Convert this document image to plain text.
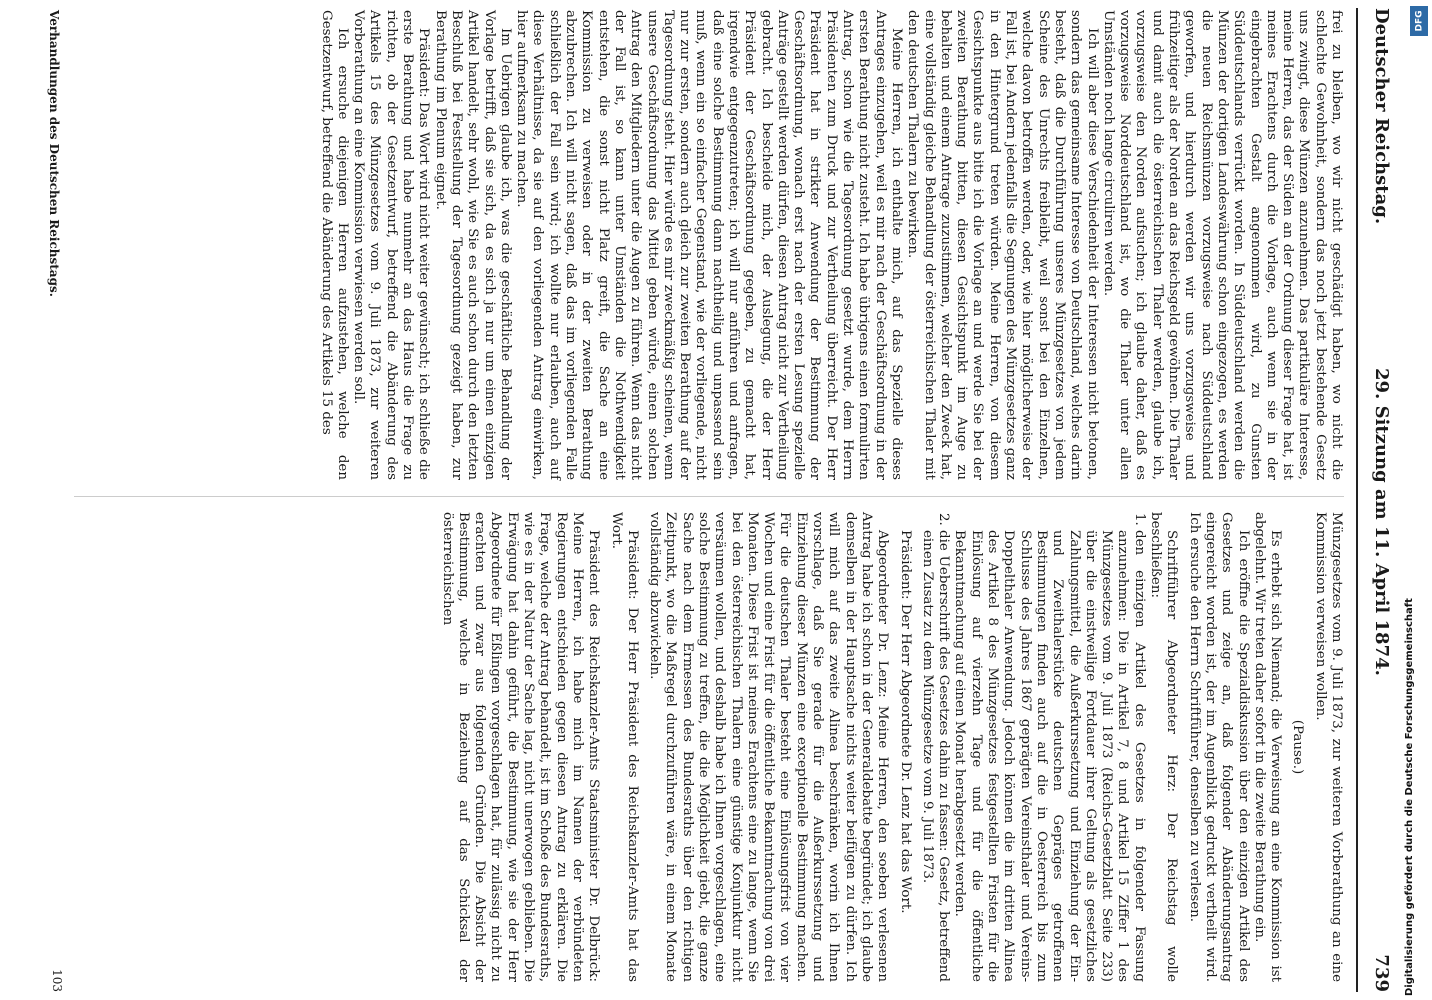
Deutscher Reichstag.
29. Sitzung am 11. April 1874.
739

frei zu bleiben, wo wir nicht geschädigt haben, wo nicht die schlechte Gewohnheit, sondern das noch jetzt bestehende Gesetz uns zwingt, diese Münzen anzunehmen. Das partikuläre Interesse, meine Herren, das der Süden an der Ordnung dieser Frage hat, ist meines Erachtens durch die Vorlage, auch wenn sie in der eingebrachten Gestalt angenommen wird, zu Gunsten Süddeutschlands verrückt worden. In Süddeutschland werden die Münzen der dortigen Landeswährung schon eingezogen, es werden die neuen Reichsmünzen vorzugsweise nach Süddeutschland geworfen, und hierdurch werden wir uns vorzugsweise und frühzeitiger als der Norden an das Reichsgeld gewöhnen. Die Thaler und damit auch die österreichischen Thaler werden, glaube ich, vorzugsweise den Norden aufsuchen; ich glaube daher, daß es vorzugsweise Norddeutschland ist, wo die Thaler unter allen Umständen noch lange circuliren werden.

Ich will aber diese Verschiedenheit der Interessen nicht betonen, sondern das gemeinsame Interesse von Deutschland, welches darin besteht, daß die Durchführung unseres Münzgesetzes von jedem Scheine des Unrechts freibleibt, weil sonst bei den Einzelnen, welche davon betroffen werden, oder, wie hier möglicherweise der Fall ist, bei Andern jedenfalls die Segnungen des Münzgesetzes ganz in den Hintergrund treten würden. Meine Herren, von diesem Gesichtspunkte aus bitte ich die Vorlage an und werde Sie bei der zweiten Berathung bitten, diesen Gesichtspunkt im Auge zu behalten und einem Antrage zuzustimmen, welcher den Zweck hat, eine vollständig gleiche Behandlung der österreichischen Thaler mit den deutschen Thalern zu bewirken.

Meine Herren, ich enthalte mich, auf das Spezielle dieses Antrages einzugehen, weil es mir nach der Geschäftsordnung in der ersten Berathung nicht zusteht. Ich habe übrigens einen formulirten Antrag, schon wie die Tagesordnung gesetzt wurde, dem Herrn Präsidenten zum Druck und zur Vertheilung überreicht. Der Herr Präsident hat in strikter Anwendung der Bestimmung der Geschäftsordnung, wonach erst nach der ersten Lesung spezielle Anträge gestellt werden dürfen, diesen Antrag nicht zur Vertheilung gebracht. Ich bescheide mich, der Auslegung, die der Herr Präsident der Geschäftsordnung gegeben, zu gemacht hat, irgendwie entgegenzutreten; ich will nur anführen und anfragen, daß eine solche Bestimmung dann nachtheilig und unpassend sein muß, wenn ein so einfacher Gegenstand, wie der vorliegende, nicht nur zur ersten, sondern auch gleich zur zweiten Berathung auf der Tagesordnung steht. Hier würde es mir zweckmäßig scheinen, wenn unsere Geschäftsordnung das Mittel geben würde, einen solchen Antrag den Mitgliedern unter die Augen zu führen. Wenn das nicht der Fall ist, so kann unter Umständen die Nothwendigkeit entstehen, die sonst nicht Platz greift, die Sache an eine Kommission zu verweisen oder in der zweiten Berathung abzubrechen. Ich will nicht sagen, daß das im vorliegenden Falle schließlich der Fall sein wird; ich wollte nur erlauben, auch auf diese Verhältnisse, da sie auf den vorliegenden Antrag einwirken, hier aufmerksam zu machen.

Im Uebrigen glaube ich, was die geschäftliche Behandlung der Vorlage betrifft, daß sie sich, da es sich ja nur um einen einzigen Artikel handelt, sehr wohl, wie Sie es auch schon durch den letzten Beschluß bei Feststellung der Tagesordnung gezeigt haben, zur Berathung im Plenum eignet.

Präsident: Das Wort wird nicht weiter gewünscht; ich schließe die erste Berathung und habe nunmehr an das Haus die Frage zu richten, ob der Gesetzentwurf, betreffend die Abänderung des Artikels 15 des Münzgesetzes vom 9. Juli 1873, zur weiteren Vorberathung an eine Kommission verwiesen werden soll.

Ich ersuche diejenigen Herren aufzustehen, welche den Gesetzentwurf, betreffend die Abänderung des Artikels 15 des

Münzgesetzes vom 9. Juli 1873, zur weiteren Vorberathung an eine Kommission verweisen wollen.

(Pause.)

Es erhebt sich Niemand; die Verweisung an eine Kommission ist abgelehnt. Wir treten daher sofort in die zweite Berathung ein.

Ich eröffne die Spezialdiskussion über den einzigen Artikel des Gesetzes und zeige an, daß folgender Abänderungsantrag eingereicht worden ist, der im Augenblick gedruckt vertheilt wird. Ich ersuche den Herrn Schriftführer, denselben zu verlesen.

Schriftführer Abgeordneter Herz: Der Reichstag wolle beschließen:

1. den einzigen Artikel des Gesetzes in folgender Fassung anzunehmen: Die in Artikel 7, 8 und Artikel 15 Ziffer 1 des Münzgesetzes vom 9. Juli 1873 (Reichs-Gesetzblatt Seite 233) über die einstweilige Fortdauer ihrer Geltung als gesetzliches Zahlungsmittel, die Außerkurssetzung und Einziehung der Ein- und Zweithalerstücke deutschen Gepräges getroffenen Bestimmungen finden auch auf die in Oesterreich bis zum Schlusse des Jahres 1867 geprägten Vereinsthaler und Vereins-Doppelthaler Anwendung. Jedoch können die im dritten Alinea des Artikel 8 des Münzgesetzes festgestellten Fristen für die Einlösung auf vierzehn Tage und für die öffentliche Bekanntmachung auf einen Monat herabgesetzt werden.
2. die Ueberschrift des Gesetzes dahin zu fassen: Gesetz, betreffend einen Zusatz zu dem Münzgesetze vom 9. Juli 1873.

Präsident: Der Herr Abgeordnete Dr. Lenz hat das Wort.

Abgeordneter Dr. Lenz: Meine Herren, den soeben verlesenen Antrag habe ich schon in der Generaldebatte begründet; ich glaube demselben in der Hauptsache nichts weiter beifügen zu dürfen. Ich will mich auf das zweite Alinea beschränken, worin ich Ihnen vorschlage, daß Sie gerade für die Außerkurssetzung und Einziehung dieser Münzen eine exceptionelle Bestimmung machen. Für die deutschen Thaler besteht eine Einlösungsfrist von vier Wochen und eine Frist für die öffentliche Bekanntmachung von drei Monaten. Diese Frist ist meines Erachtens eine zu lange, wenn Sie bei den österreichischen Thalern eine günstige Konjunktur nicht versäumen wollen, und deshalb habe ich Ihnen vorgeschlagen, eine solche Bestimmung zu treffen, die die Möglichkeit giebt, die ganze Sache nach dem Ermessen des Bundesraths über den richtigen Zeitpunkt, wo die Maßregel durchzuführen wäre, in einem Monate vollständig abzuwickeln.

Präsident: Der Herr Präsident des Reichskanzler-Amts hat das Wort.

Präsident des Reichskanzler-Amts Staatsminister Dr. Delbrück: Meine Herren, ich habe mich im Namen der verbündeten Regierungen entschieden gegen diesen Antrag zu erklären. Die Frage, welche der Antrag behandelt, ist im Schoße des Bundesraths, wie es in der Natur der Sache lag, nicht unerwogen geblieben. Die Erwägung hat dahin geführt, die Bestimmung, wie sie der Herr Abgeordnete für Eßlingen vorgeschlagen hat, für zulässig nicht zu erachten und zwar aus folgenden Gründen. Die Absicht der Bestimmung, welche in Beziehung auf das Schicksal der österreichischen

Verhandlungen des Deutschen Reichstags.
103	Digitalisierung gefördert durch die Deutsche Forschungsgemeinschaft
DFG
